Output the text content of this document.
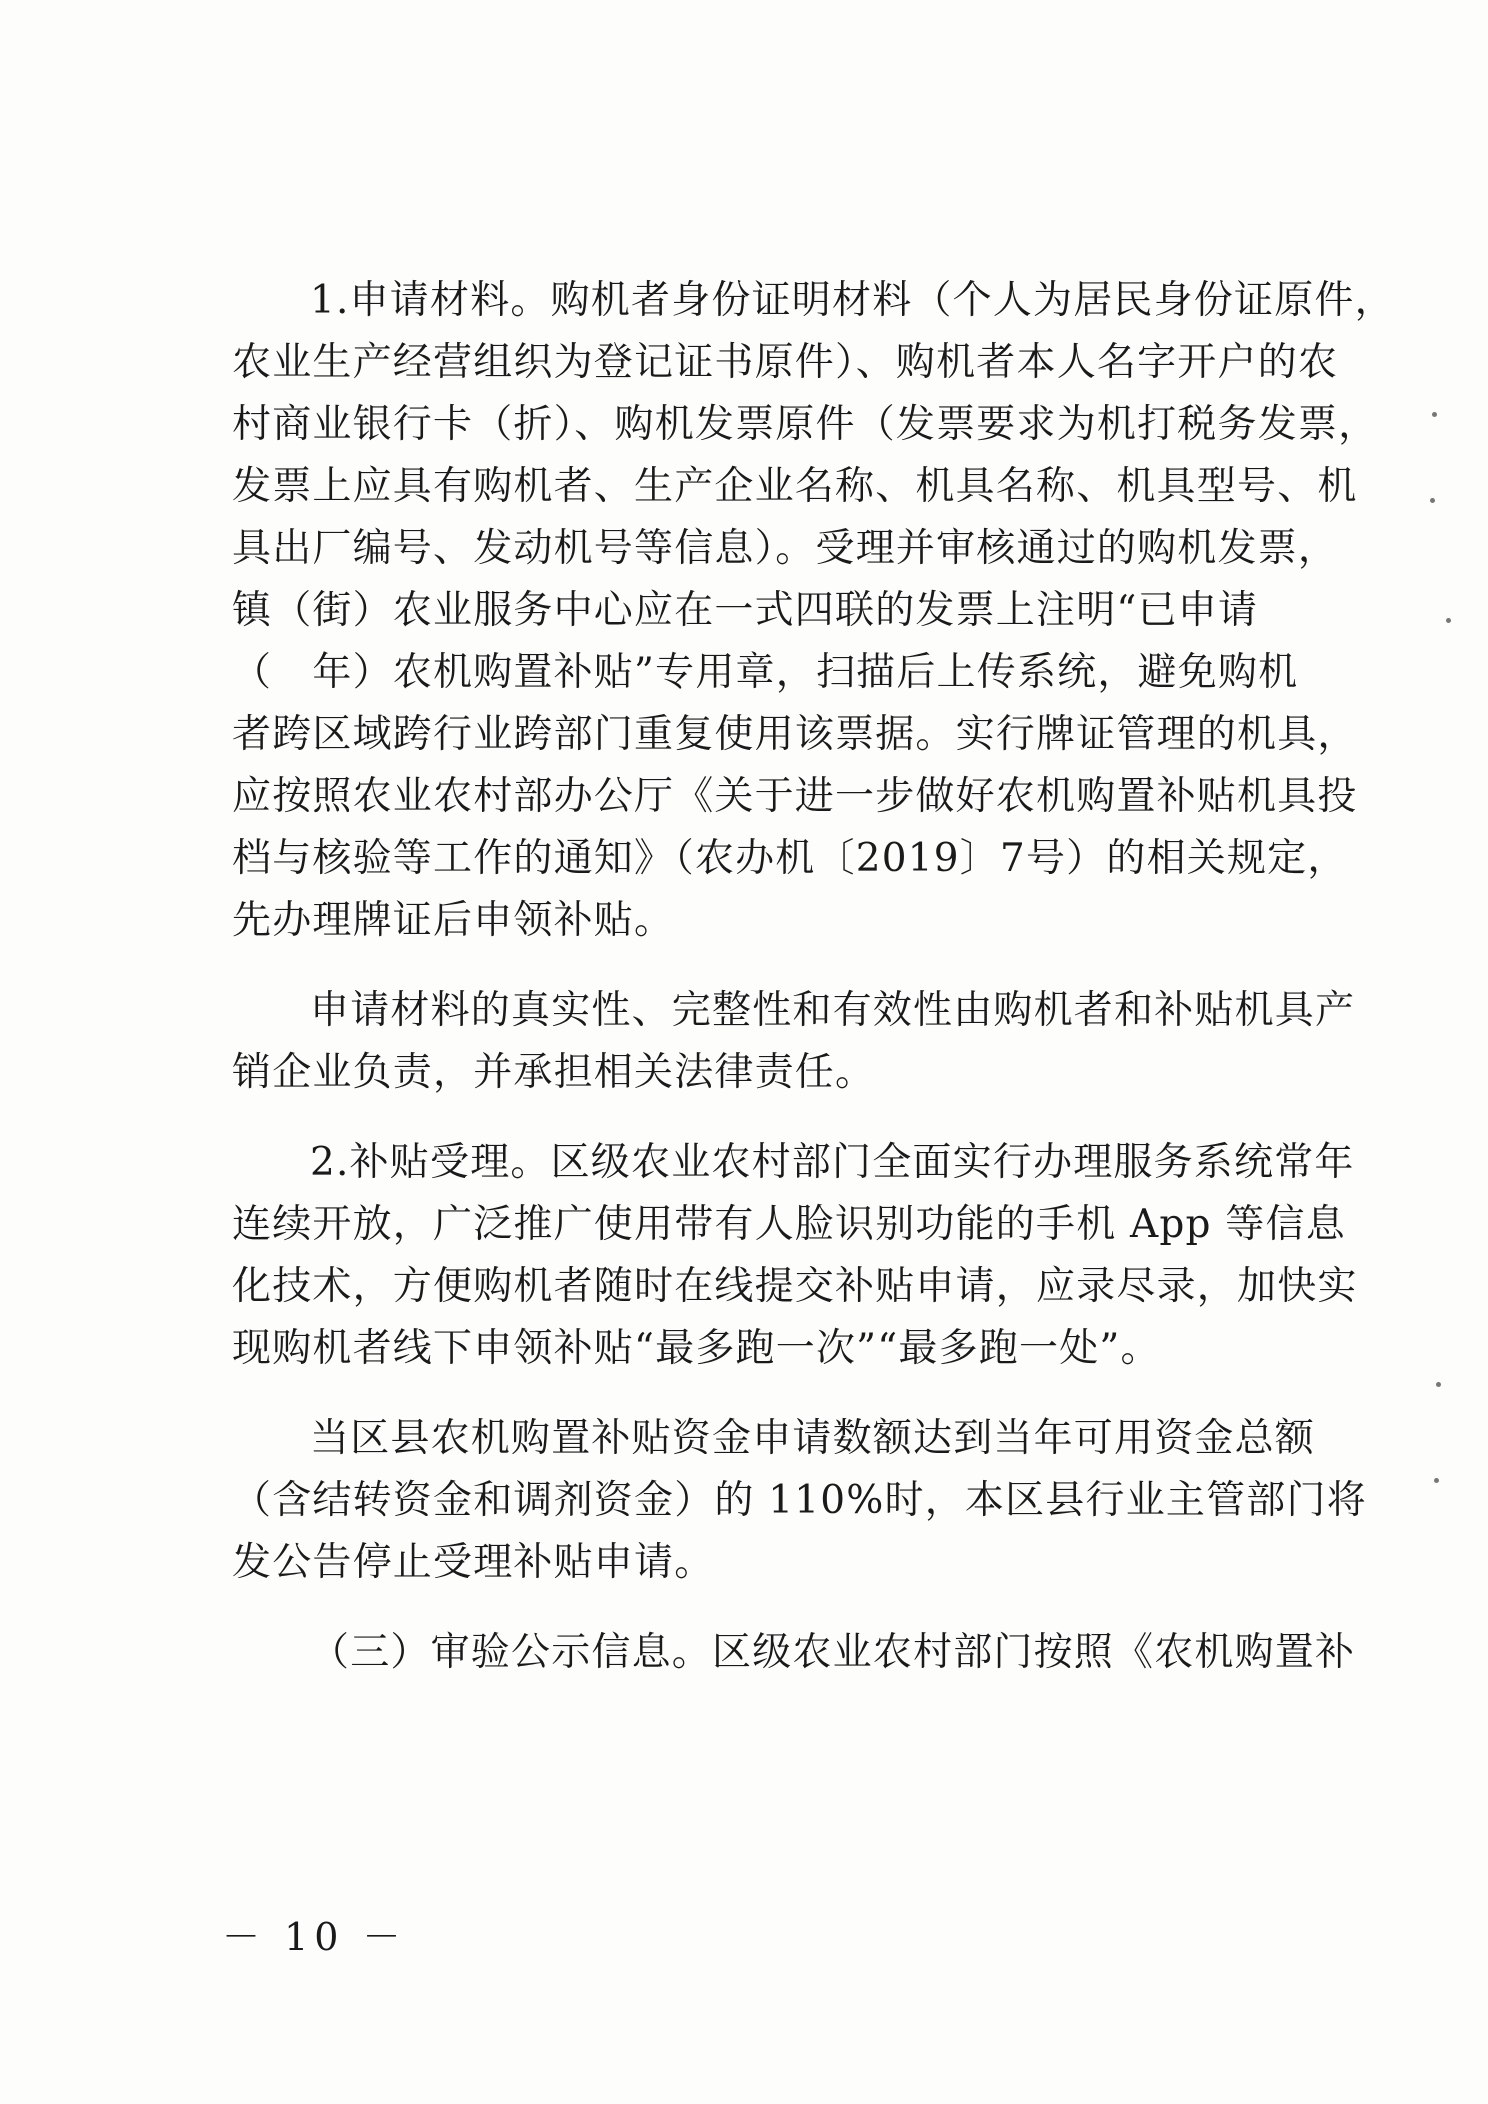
1.申请材料。购机者身份证明材料（个人为居民身份证原件，
农业生产经营组织为登记证书原件）、购机者本人名字开户的农
村商业银行卡（折）、购机发票原件（发票要求为机打税务发票，
发票上应具有购机者、生产企业名称、机具名称、机具型号、机
具出厂编号、发动机号等信息）。受理并审核通过的购机发票，
镇（街）农业服务中心应在一式四联的发票上注明“已申请
（　年）农机购置补贴”专用章，扫描后上传系统，避免购机
者跨区域跨行业跨部门重复使用该票据。实行牌证管理的机具，
应按照农业农村部办公厅《关于进一步做好农机购置补贴机具投
档与核验等工作的通知》（农办机〔2019〕7号）的相关规定，
先办理牌证后申领补贴。
申请材料的真实性、完整性和有效性由购机者和补贴机具产
销企业负责，并承担相关法律责任。
2.补贴受理。区级农业农村部门全面实行办理服务系统常年
连续开放，广泛推广使用带有人脸识别功能的手机 App 等信息
化技术，方便购机者随时在线提交补贴申请，应录尽录，加快实
现购机者线下申领补贴“最多跑一次”“最多跑一处”。
当区县农机购置补贴资金申请数额达到当年可用资金总额
（含结转资金和调剂资金）的 110%时，本区县行业主管部门将
发公告停止受理补贴申请。
（三）审验公示信息。区级农业农村部门按照《农机购置补
－ 10 －
